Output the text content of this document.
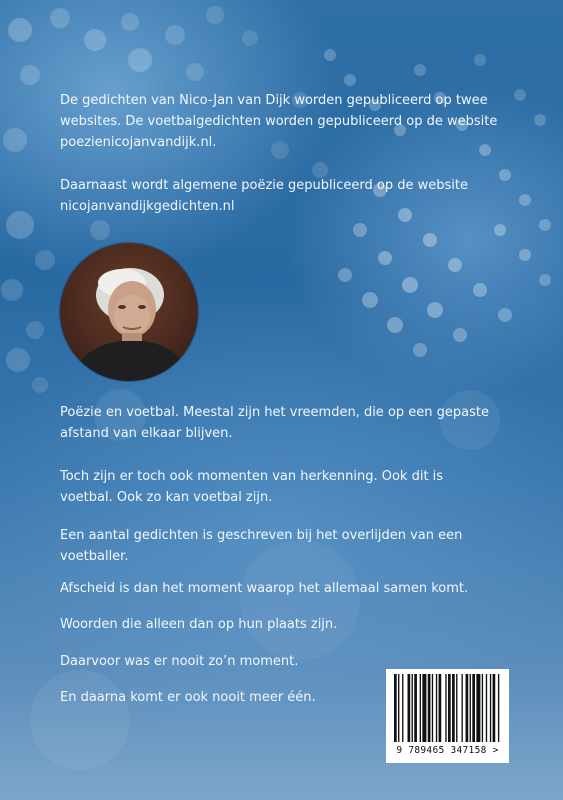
De gedichten van Nico-Jan van Dijk worden gepubliceerd op twee websites. De voetbalgedichten worden gepubliceerd op de website poezienicojanvandijk.nl.
Daarnaast wordt algemene poëzie gepubliceerd op de website nicojanvandijkgedichten.nl
Poëzie en voetbal. Meestal zijn het vreemden, die op een gepaste afstand van elkaar blijven.
Toch zijn er toch ook momenten van herkenning. Ook dit is voetbal. Ook zo kan voetbal zijn.
Een aantal gedichten is geschreven bij het overlijden van een voetballer.
Afscheid is dan het moment waarop het allemaal samen komt.
Woorden die alleen dan op hun plaats zijn.
Daarvoor was er nooit zo’n moment.
En daarna komt er ook nooit meer één.
9 789465 347158 >
